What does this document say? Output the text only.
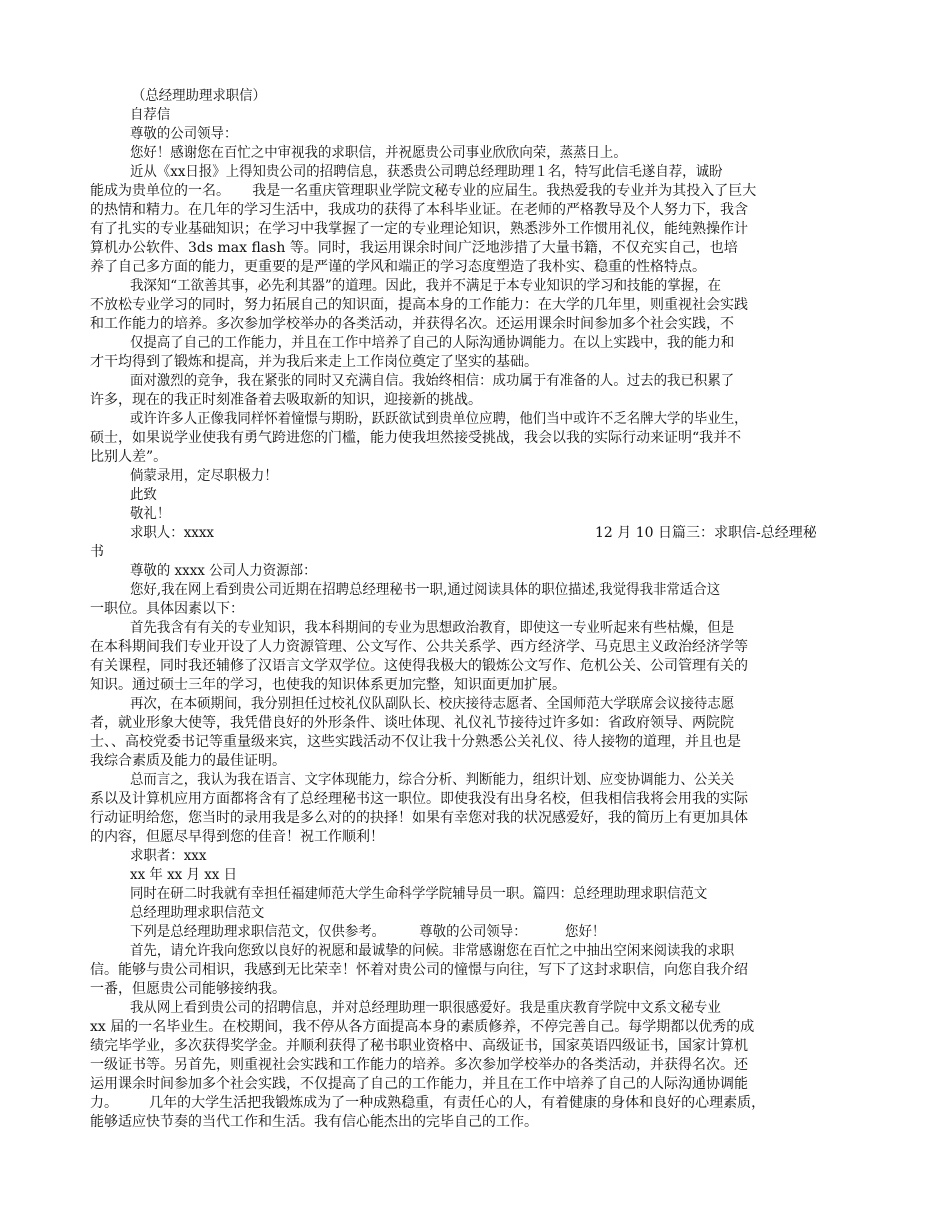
（总经理助理求职信）
自荐信
尊敬的公司领导：
您好！感谢您在百忙之中审视我的求职信，并祝愿贵公司事业欣欣向荣，蒸蒸日上。
近从《xx日报》上得知贵公司的招聘信息，获悉贵公司聘总经理助理１名，特写此信毛遂自荐，诚盼
能成为贵单位的一名。     我是一名重庆管理职业学院文秘专业的应届生。我热爱我的专业并为其投入了巨大
的热情和精力。在几年的学习生活中，我成功的获得了本科毕业证。在老师的严格教导及个人努力下，我含
有了扎实的专业基础知识；在学习中我掌握了一定的专业理论知识，熟悉涉外工作惯用礼仪，能纯熟操作计
算机办公软件、3ds max flash 等。同时，我运用课余时间广泛地涉措了大量书籍，不仅充实自己，也培
养了自己多方面的能力，更重要的是严谨的学风和端正的学习态度塑造了我朴实、稳重的性格特点。
我深知“工欲善其事，必先利其器”的道理。因此，我并不满足于本专业知识的学习和技能的掌握，在
不放松专业学习的同时，努力拓展自己的知识面，提高本身的工作能力：在大学的几年里，则重视社会实践
和工作能力的培养。多次参加学校举办的各类活动，并获得名次。还运用课余时间参加多个社会实践，不
仅提高了自己的工作能力，并且在工作中培养了自己的人际沟通协调能力。在以上实践中，我的能力和
才干均得到了锻炼和提高，并为我后来走上工作岗位奠定了坚实的基础。
面对激烈的竞争，我在紧张的同时又充满自信。我始终相信：成功属于有准备的人。过去的我已积累了
许多，现在的我正时刻准备着去吸取新的知识，迎接新的挑战。
或许许多人正像我同样怀着憧憬与期盼，跃跃欲试到贵单位应聘，他们当中或许不乏名牌大学的毕业生，
硕士，如果说学业使我有勇气跨进您的门槛，能力使我坦然接受挑战，我会以我的实际行动来证明“我并不
比别人差”。
倘蒙录用，定尽职极力！
此致
敬礼！
求职人：xxxx	12 月 10 日篇三：求职信-总经理秘
书
尊敬的 xxxx 公司人力资源部：
您好,我在网上看到贵公司近期在招聘总经理秘书一职,通过阅读具体的职位描述,我觉得我非常适合这
一职位。具体因素以下：
首先我含有有关的专业知识，我本科期间的专业为思想政治教育，即使这一专业听起来有些枯燥，但是
在本科期间我们专业开设了人力资源管理、公文写作、公共关系学、西方经济学、马克思主义政治经济学等
有关课程，同时我还辅修了汉语言文学双学位。这使得我极大的锻炼公文写作、危机公关、公司管理有关的
知识。通过硕士三年的学习，也使我的知识体系更加完整，知识面更加扩展。
再次，在本硕期间，我分别担任过校礼仪队副队长、校庆接待志愿者、全国师范大学联席会议接待志愿
者，就业形象大使等，我凭借良好的外形条件、谈吐体现、礼仪礼节接待过许多如：省政府领导、两院院
士、、高校党委书记等重量级来宾，这些实践活动不仅让我十分熟悉公关礼仪、待人接物的道理，并且也是
我综合素质及能力的最佳证明。
总而言之，我认为我在语言、文字体现能力，综合分析、判断能力，组织计划、应变协调能力、公关关
系以及计算机应用方面都将含有了总经理秘书这一职位。即使我没有出身名校，但我相信我将会用我的实际
行动证明给您，您当时的录用我是多么对的的抉择！如果有幸您对我的状况感爱好，我的简历上有更加具体
的内容，但愿尽早得到您的佳音！祝工作顺利！
求职者：xxx
xx 年 xx 月 xx 日
同时在研二时我就有幸担任福建师范大学生命科学学院辅导员一职。篇四：总经理助理求职信范文
总经理助理求职信范文
下列是总经理助理求职信范文，仅供参考。        尊敬的公司领导：         您好！
首先，请允许我向您致以良好的祝愿和最诚挚的问候。非常感谢您在百忙之中抽出空闲来阅读我的求职
信。能够与贵公司相识，我感到无比荣幸！怀着对贵公司的憧憬与向往，写下了这封求职信，向您自我介绍
一番，但愿贵公司能够接纳我。
我从网上看到贵公司的招聘信息，并对总经理助理一职很感爱好。我是重庆教育学院中文系文秘专业
xx 届的一名毕业生。在校期间，我不停从各方面提高本身的素质修养，不停完善自己。每学期都以优秀的成
绩完毕学业，多次获得奖学金。并顺利获得了秘书职业资格中、高级证书，国家英语四级证书，国家计算机
一级证书等。另首先，则重视社会实践和工作能力的培养。多次参加学校举办的各类活动，并获得名次。还
运用课余时间参加多个社会实践，不仅提高了自己的工作能力，并且在工作中培养了自己的人际沟通协调能
力。       几年的大学生活把我锻炼成为了一种成熟稳重，有责任心的人，有着健康的身体和良好的心理素质，
能够适应快节奏的当代工作和生活。我有信心能杰出的完毕自己的工作。
